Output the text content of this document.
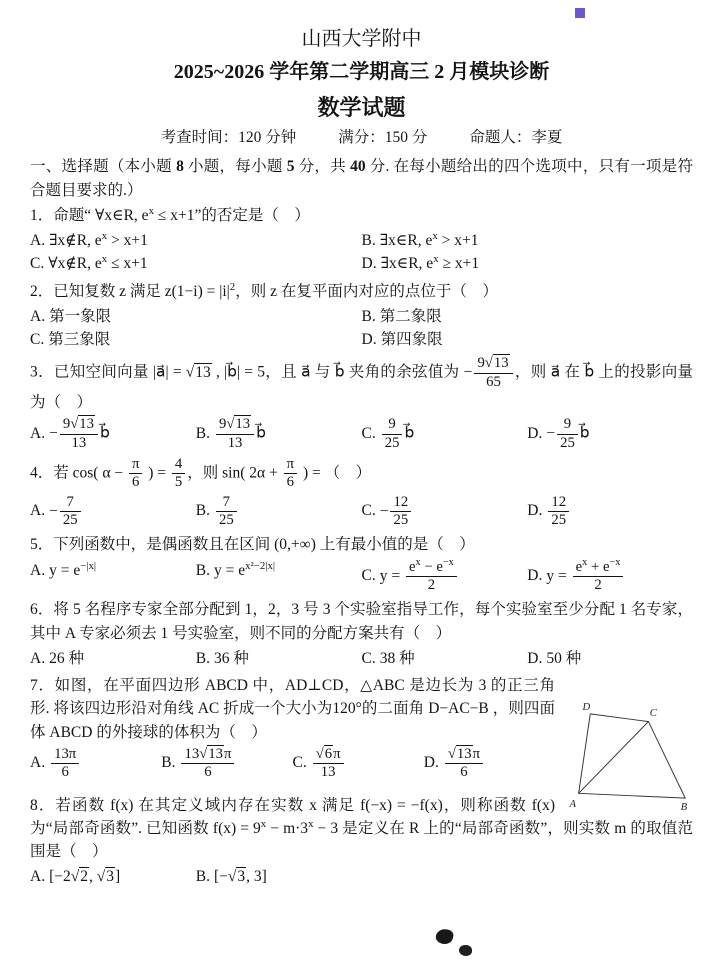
山西大学附中
2025~2026 学年第二学期高三 2 月模块诊断
数学试题
考查时间：120 分钟	满分：150 分	命题人：李夏
一、选择题（本小题 8 小题，每小题 5 分，共 40 分. 在每小题给出的四个选项中，只有一项是符合题目要求的.）
1．命题“ ∀x∈R, $e^x \le x+1$”的否定是（　）
A. ∃x∉R, $e^x > x+1$	B. ∃x∈R, $e^x > x+1$
C. ∀x∉R, $e^x \le x+1$	D. ∃x∈R, $e^x \ge x+1$
2．已知复数 z 满足 $z(1-i) = |i|^2$，则 z 在复平面内对应的点位于（　）
A. 第一象限	B. 第二象限
C. 第三象限	D. 第四象限
3．已知空间向量 |a⃗| = √13 , |b⃗| = 5，且 a⃗ 与 b⃗ 夹角的余弦值为 − $\frac{9√13}{65}$ ，则 a⃗ 在 b⃗ 上的投影向量为（　）
A. − $\frac{9√13}{13}$ b⃗	B. $\frac{9√13}{13}$ b⃗	C. $\frac{9}{25}$ b⃗	D. − $\frac{9}{25}$ b⃗
4．若 cos( $\alpha - \frac{\pi}{6}$ ) = $\frac{4}{5}$ ，则 sin( $2\alpha + \frac{\pi}{6}$ ) = （　）
A. − $\frac{7}{25}$	B. $\frac{7}{25}$	C. − $\frac{12}{25}$	D. $\frac{12}{25}$
5．下列函数中，是偶函数且在区间 (0,+∞) 上有最小值的是（　）
A. $y = e^{-|x|}$	B. $y = e^{x^2-2|x|}$
C. $y = \frac{e^x - e^{-x}}{2}$	D. $y = \frac{e^x + e^{-x}}{2}$
6．将 5 名程序专家全部分配到 1，2，3 号 3 个实验室指导工作，每个实验室至少分配 1 名专家，其中 A 专家必须去 1 号实验室，则不同的分配方案共有（　）
A. 26 种	B. 36 种	C. 38 种	D. 50 种
D
C
A	B
7．如图，在平面四边形 ABCD 中，AD⊥CD，△ABC 是边长为 3 的正三角形. 将该四边形沿对角线 AC 折成一个大小为120°的二面角 D−AC−B ，则四面体 ABCD 的外接球的体积为（　）
A. $\frac{13\pi}{6}$	B. $\frac{13√13\pi}{6}$	C. $\frac{√6\pi}{13}$	D. $\frac{√13\pi}{6}$
8．若函数 f(x) 在其定义域内存在实数 x 满足 f(−x) = −f(x)，则称函数 f(x) 为“局部奇函数”. 已知函数 $f(x) = 9^x - m\cdot 3^x - 3$ 是定义在 R 上的“局部奇函数”，则实数 m 的取值范围是（　）
A. [−2√2, √3]	B. [−√3, 3]
